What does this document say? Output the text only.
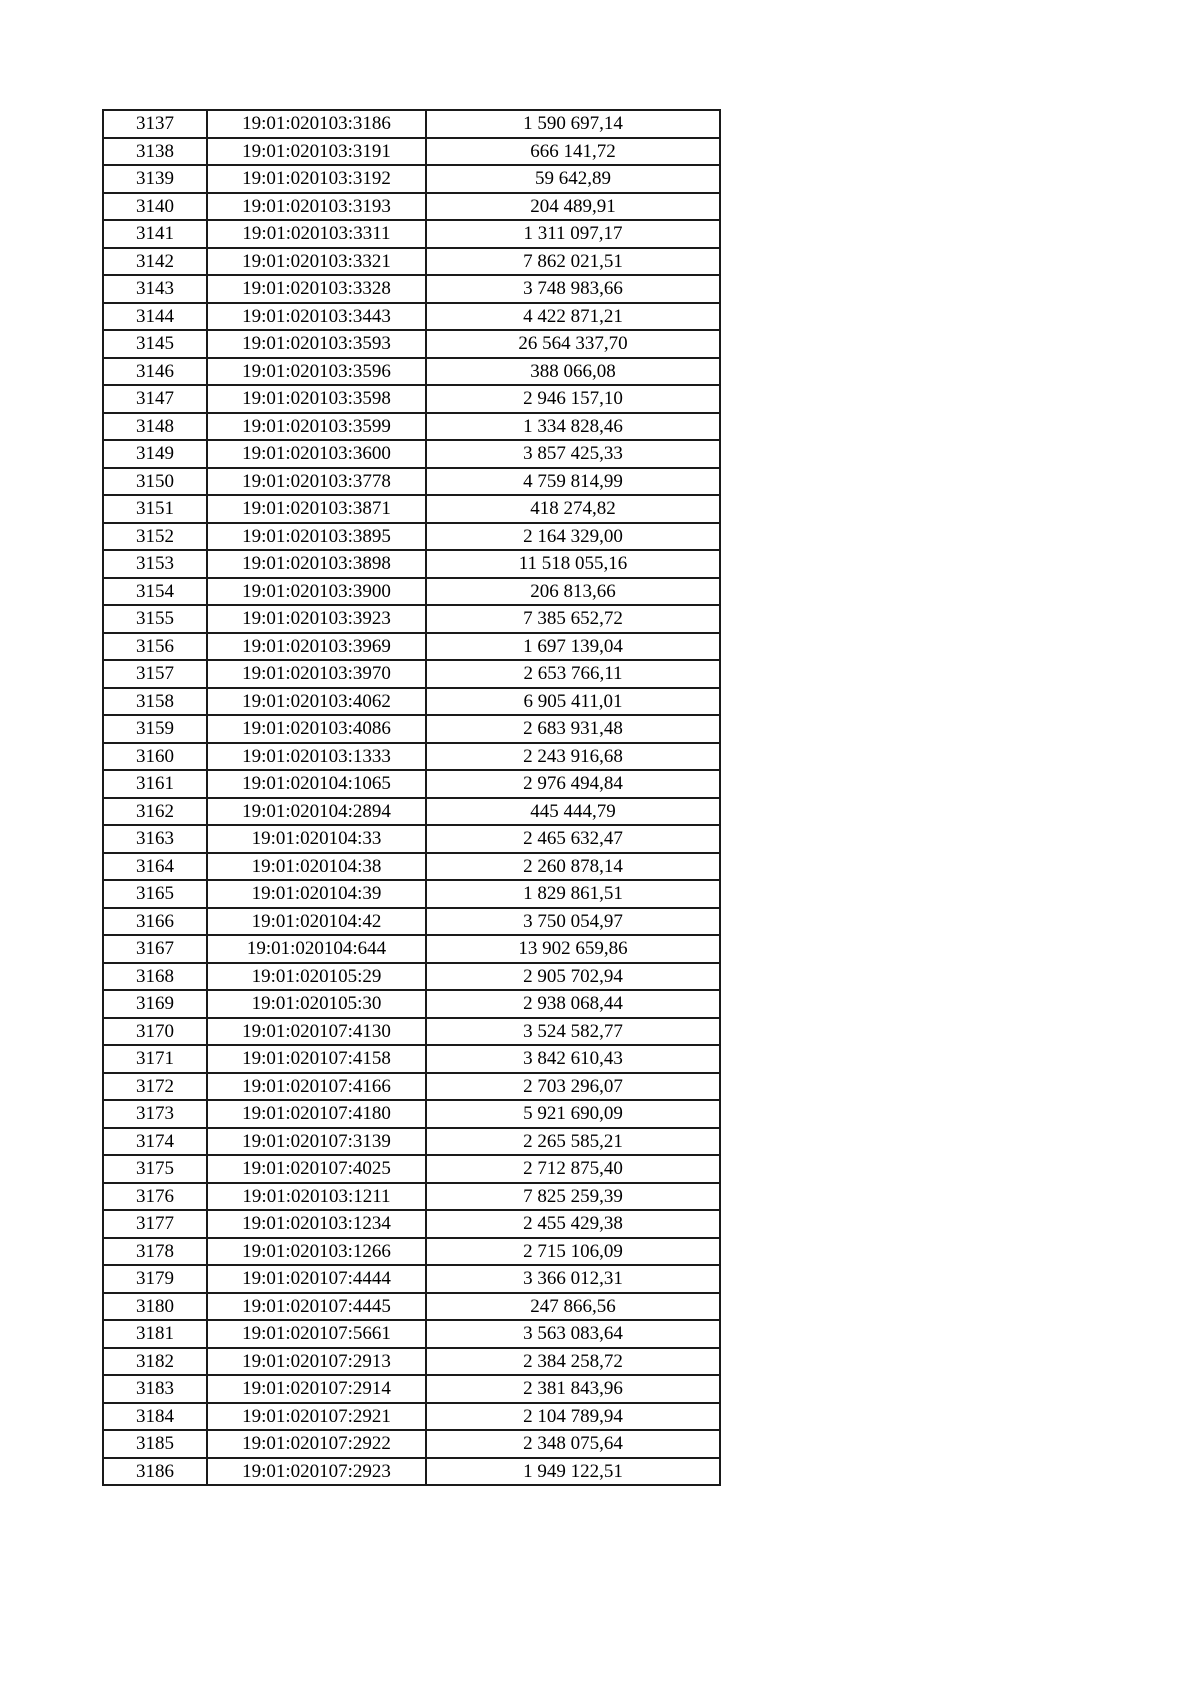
3137	19:01:020103:3186	1 590 697,14
3138	19:01:020103:3191	666 141,72
3139	19:01:020103:3192	59 642,89
3140	19:01:020103:3193	204 489,91
3141	19:01:020103:3311	1 311 097,17
3142	19:01:020103:3321	7 862 021,51
3143	19:01:020103:3328	3 748 983,66
3144	19:01:020103:3443	4 422 871,21
3145	19:01:020103:3593	26 564 337,70
3146	19:01:020103:3596	388 066,08
3147	19:01:020103:3598	2 946 157,10
3148	19:01:020103:3599	1 334 828,46
3149	19:01:020103:3600	3 857 425,33
3150	19:01:020103:3778	4 759 814,99
3151	19:01:020103:3871	418 274,82
3152	19:01:020103:3895	2 164 329,00
3153	19:01:020103:3898	11 518 055,16
3154	19:01:020103:3900	206 813,66
3155	19:01:020103:3923	7 385 652,72
3156	19:01:020103:3969	1 697 139,04
3157	19:01:020103:3970	2 653 766,11
3158	19:01:020103:4062	6 905 411,01
3159	19:01:020103:4086	2 683 931,48
3160	19:01:020103:1333	2 243 916,68
3161	19:01:020104:1065	2 976 494,84
3162	19:01:020104:2894	445 444,79
3163	19:01:020104:33	2 465 632,47
3164	19:01:020104:38	2 260 878,14
3165	19:01:020104:39	1 829 861,51
3166	19:01:020104:42	3 750 054,97
3167	19:01:020104:644	13 902 659,86
3168	19:01:020105:29	2 905 702,94
3169	19:01:020105:30	2 938 068,44
3170	19:01:020107:4130	3 524 582,77
3171	19:01:020107:4158	3 842 610,43
3172	19:01:020107:4166	2 703 296,07
3173	19:01:020107:4180	5 921 690,09
3174	19:01:020107:3139	2 265 585,21
3175	19:01:020107:4025	2 712 875,40
3176	19:01:020103:1211	7 825 259,39
3177	19:01:020103:1234	2 455 429,38
3178	19:01:020103:1266	2 715 106,09
3179	19:01:020107:4444	3 366 012,31
3180	19:01:020107:4445	247 866,56
3181	19:01:020107:5661	3 563 083,64
3182	19:01:020107:2913	2 384 258,72
3183	19:01:020107:2914	2 381 843,96
3184	19:01:020107:2921	2 104 789,94
3185	19:01:020107:2922	2 348 075,64
3186	19:01:020107:2923	1 949 122,51
